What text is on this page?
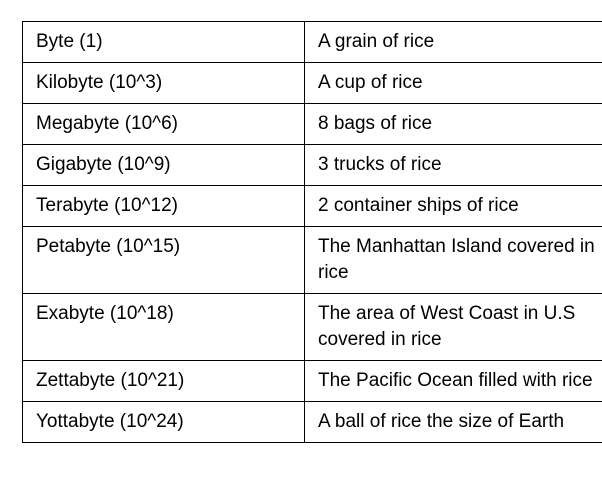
Byte (1)	A grain of rice
Kilobyte (10^3)	A cup of rice
Megabyte (10^6)	8 bags of rice
Gigabyte (10^9)	3 trucks of rice
Terabyte (10^12)	2 container ships of rice
Petabyte (10^15)	The Manhattan Island covered in rice
Exabyte (10^18)	The area of West Coast in U.S covered in rice
Zettabyte (10^21)	The Pacific Ocean filled with rice
Yottabyte (10^24)	A ball of rice the size of Earth
